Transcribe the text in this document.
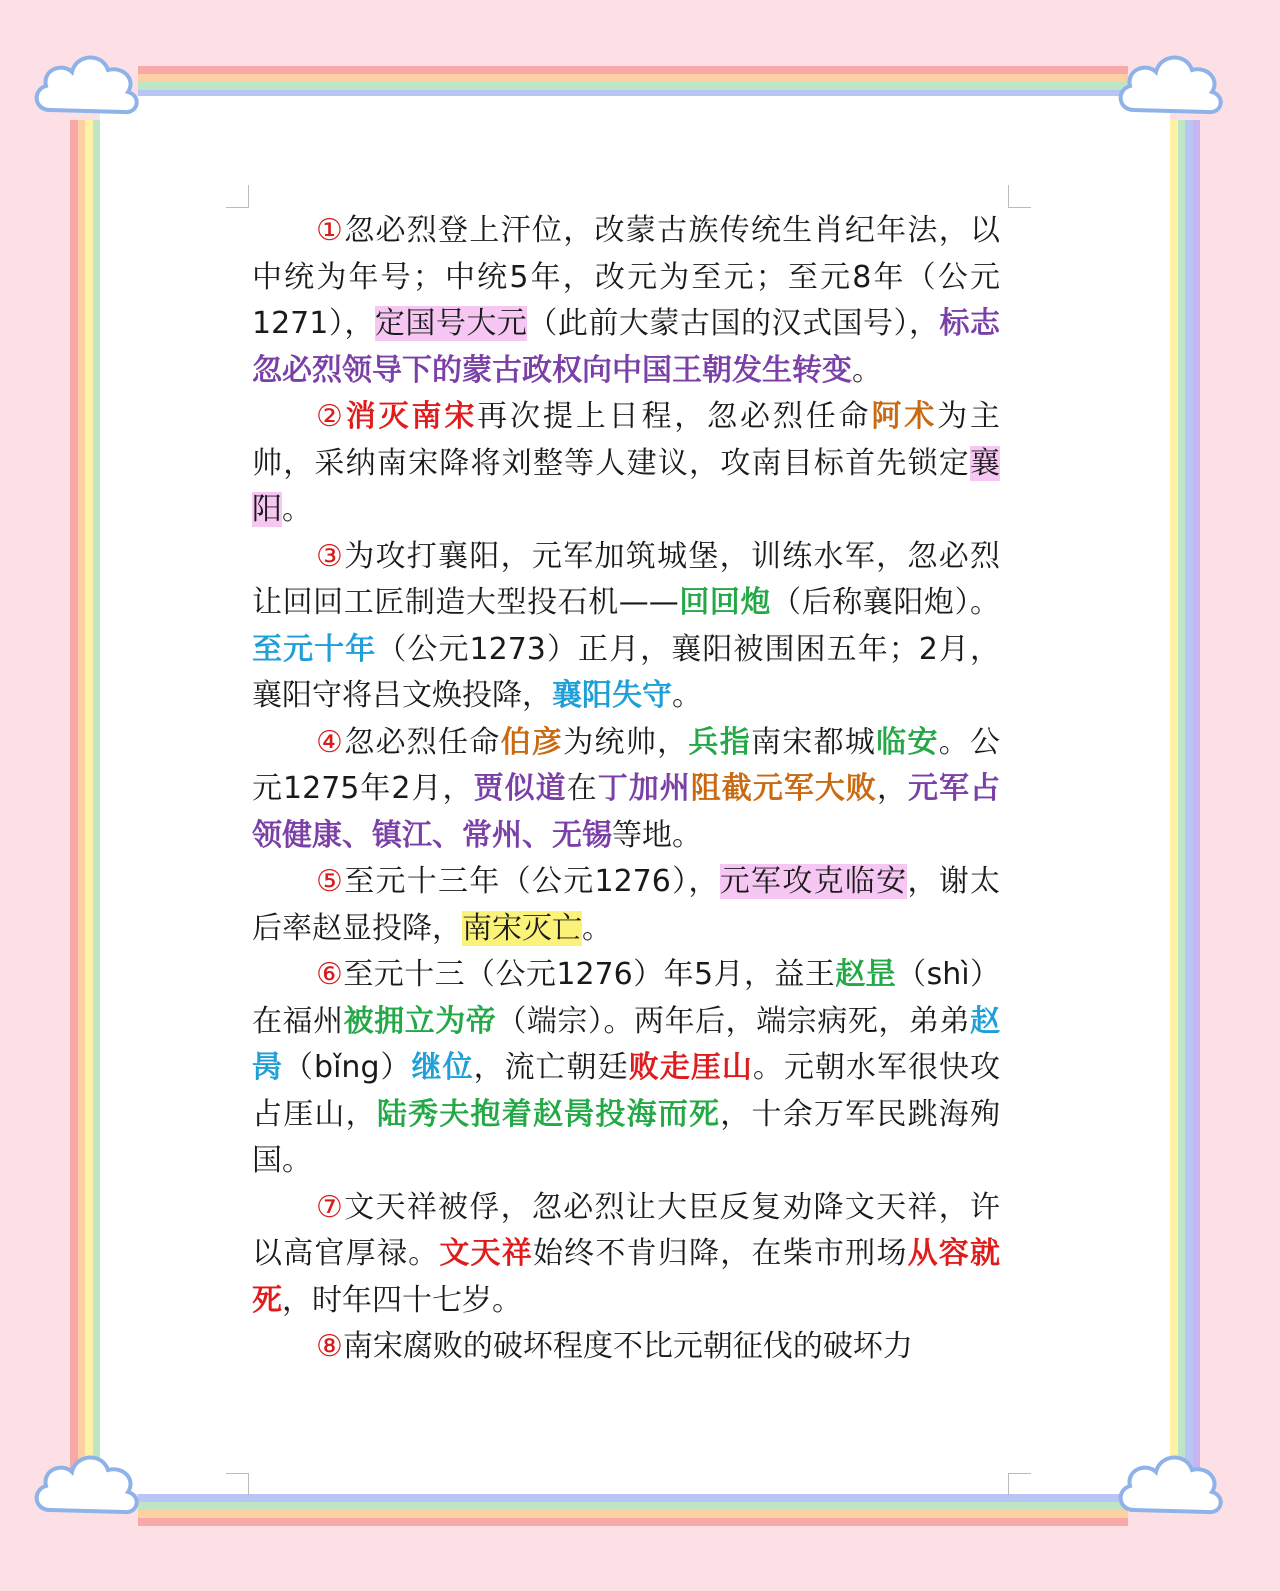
①忽必烈登上汗位，改蒙古族传统生肖纪年法，以中统为年号；中统5年，改元为至元；至元8年（公元1271），定国号大元（此前大蒙古国的汉式国号），标志忽必烈领导下的蒙古政权向中国王朝发生转变。

②消灭南宋再次提上日程，忽必烈任命阿术为主帅，采纳南宋降将刘整等人建议，攻南目标首先锁定襄阳。

③为攻打襄阳，元军加筑城堡，训练水军，忽必烈让回回工匠制造大型投石机——回回炮（后称襄阳炮）。至元十年（公元1273）正月，襄阳被围困五年；2月，襄阳守将吕文焕投降，襄阳失守。

④忽必烈任命伯彦为统帅，兵指南宋都城临安。公元1275年2月，贾似道在丁加州阻截元军大败，元军占领健康、镇江、常州、无锡等地。

⑤至元十三年（公元1276），元军攻克临安，谢太后率赵显投降，南宋灭亡。

⑥至元十三（公元1276）年5月，益王赵昰（shì）在福州被拥立为帝（端宗）。两年后，端宗病死，弟弟赵昺（bǐng）继位，流亡朝廷败走厓山。元朝水军很快攻占厓山，陆秀夫抱着赵昺投海而死，十余万军民跳海殉国。

⑦文天祥被俘，忽必烈让大臣反复劝降文天祥，许以高官厚禄。文天祥始终不肯归降，在柴市刑场从容就死，时年四十七岁。

⑧南宋腐败的破坏程度不比元朝征伐的破坏力
